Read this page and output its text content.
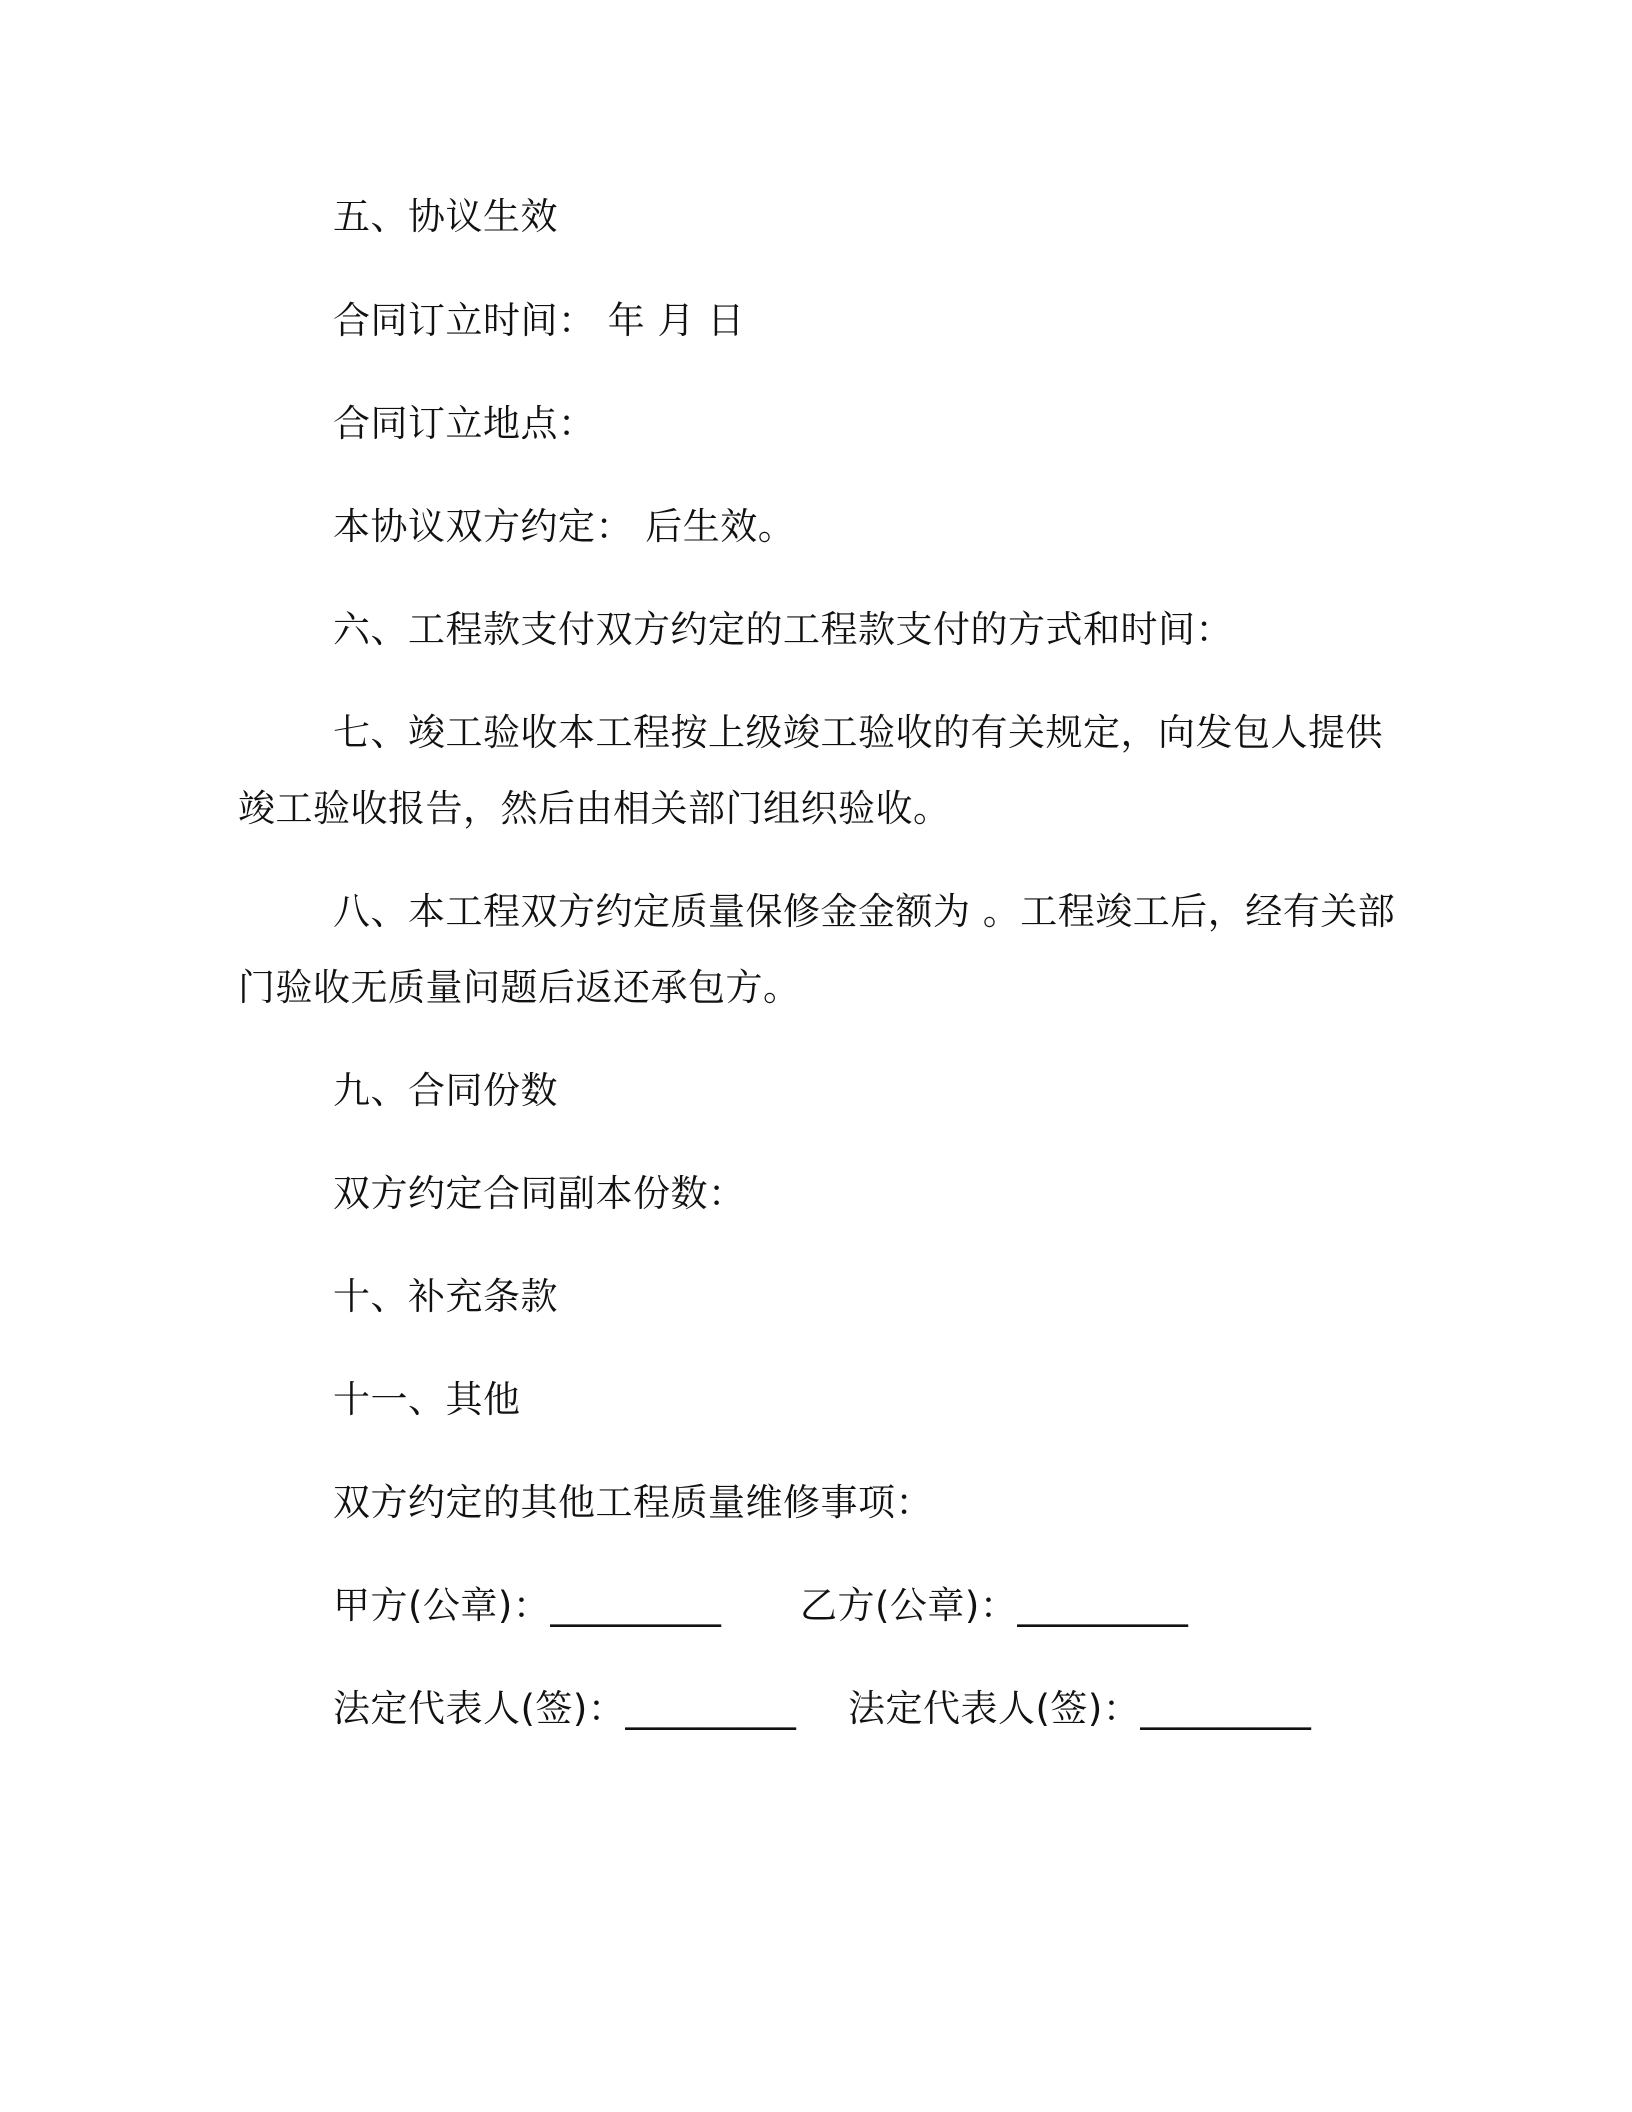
五、协议生效
合同订立时间： 年 月 日
合同订立地点：
本协议双方约定： 后生效。
六、工程款支付双方约定的工程款支付的方式和时间：
七、竣工验收本工程按上级竣工验收的有关规定，向发包人提供
竣工验收报告，然后由相关部门组织验收。
八、本工程双方约定质量保修金金额为 。工程竣工后，经有关部
门验收无质量问题后返还承包方。
九、合同份数
双方约定合同副本份数：
十、补充条款
十一、其他
双方约定的其他工程质量维修事项：
甲方(公章)：_________ 乙方(公章)：_________
法定代表人(签)：_________ 法定代表人(签)：_________
